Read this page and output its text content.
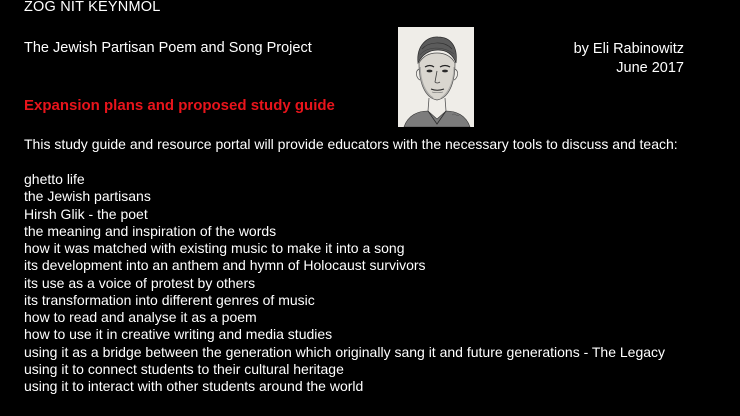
ZOG NIT KEYNMOL
The Jewish Partisan Poem and Song Project	by Eli Rabinowitz
June 2017
Expansion plans and proposed study guide
This study guide and resource portal will provide educators with the necessary tools to discuss and teach:
ghetto life
the Jewish partisans
Hirsh Glik - the poet
the meaning and inspiration of the words
how it was matched with existing music to make it into a song
its development into an anthem and hymn of Holocaust survivors
its use as a voice of protest by others
its transformation into different genres of music
how to read and analyse it as a poem
how to use it in creative writing and media studies
using it as a bridge between the generation which originally sang it and future generations - The Legacy
using it to connect students to their cultural heritage
using it to interact with other students around the world
